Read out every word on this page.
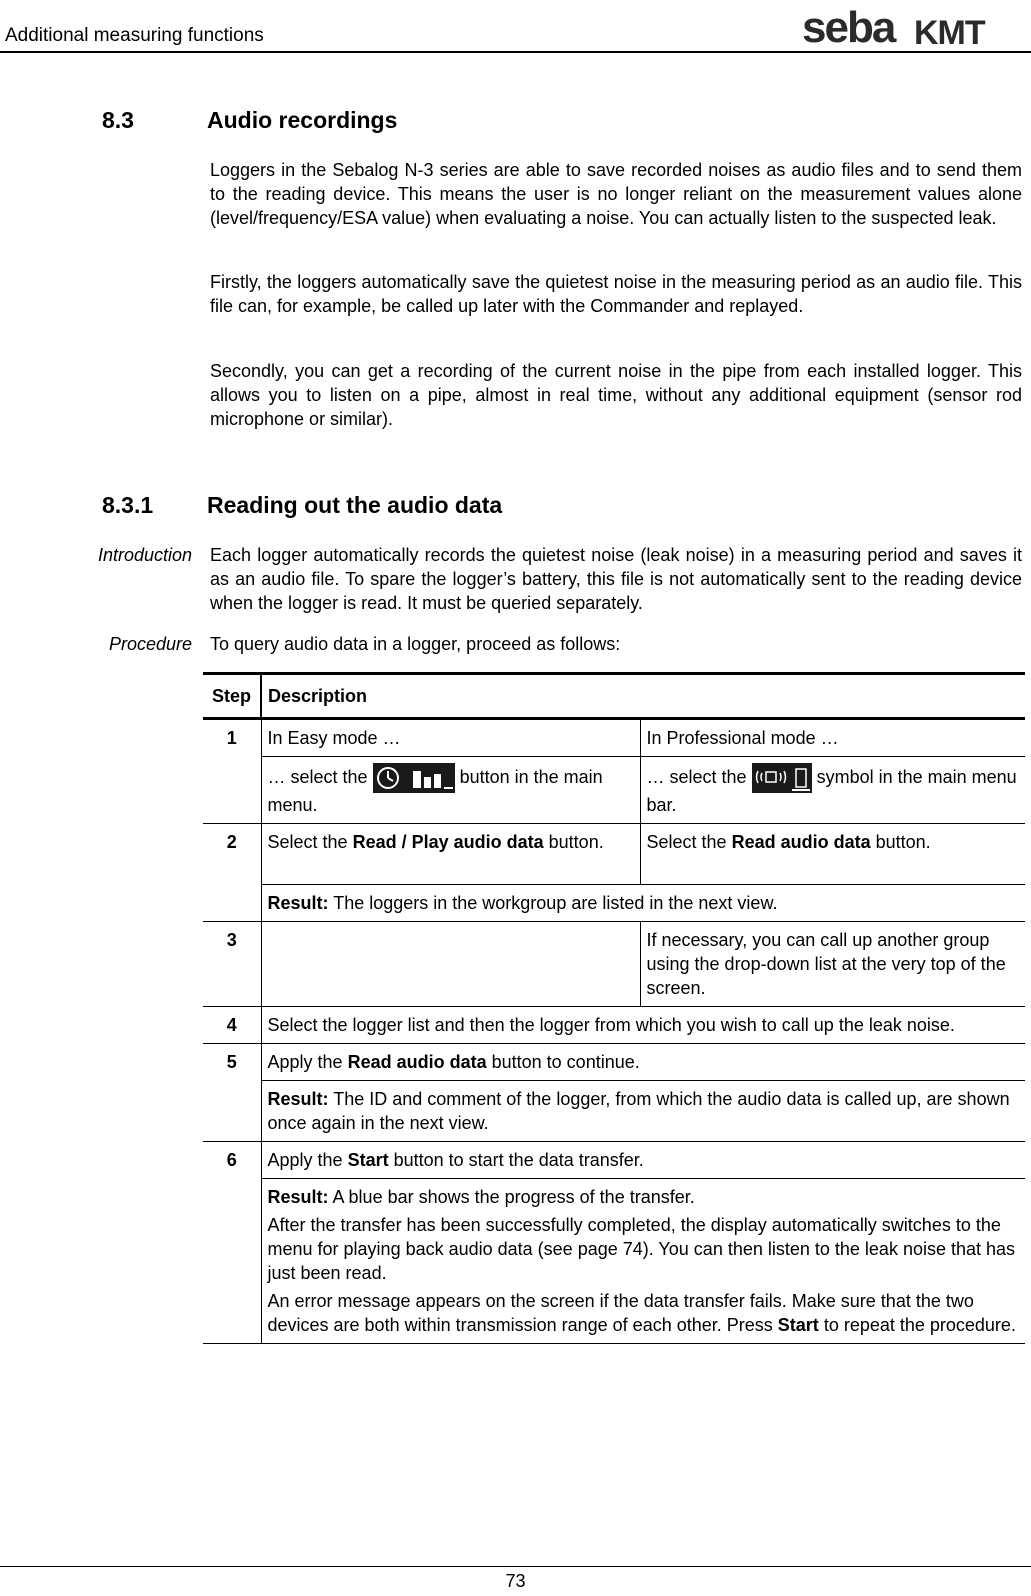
Additional measuring functions	seba KMT
8.3	Audio recordings

Loggers in the Sebalog N-3 series are able to save recorded noises as audio files and to send them to the reading device. This means the user is no longer reliant on the measurement values alone (level/frequency/ESA value) when evaluating a noise. You can actually listen to the suspected leak.

Firstly, the loggers automatically save the quietest noise in the measuring period as an audio file. This file can, for example, be called up later with the Commander and replayed.

Secondly, you can get a recording of the current noise in the pipe from each installed logger. This allows you to listen on a pipe, almost in real time, without any additional equipment (sensor rod microphone or similar).

8.3.1 Reading out the audio data
Introduction Each logger automatically records the quietest noise (leak noise) in a measuring period and saves it as an audio file. To spare the logger’s battery, this file is not automatically sent to the reading device when the logger is read. It must be queried separately.

Procedure To query audio data in a logger, proceed as follows:

Step	Description	
1	In Easy mode …	In Professional mode …
	… select the button in the main menu.	… select the symbol in the main menu bar.
2	Select the Read / Play audio data button.	Select the Read audio data button.
	Result: The loggers in the workgroup are listed in the next view.	
3		If necessary, you can call up another group using the drop-down list at the very top of the screen.
4	Select the logger list and then the logger from which you wish to call up the leak noise.	
5	Apply the Read audio data button to continue.	
	Result: The ID and comment of the logger, from which the audio data is called up, are shown once again in the next view.	
6	Apply the Start button to start the data transfer.	

	Result: A blue bar shows the progress of the transfer.
After the transfer has been successfully completed, the display automatically switches to the menu for playing back audio data (see page 74). You can then listen to the leak noise that has just been read.
An error message appears on the screen if the data transfer fails. Make sure that the two devices are both within transmission range of each other. Press Start to repeat the procedure.	
73
